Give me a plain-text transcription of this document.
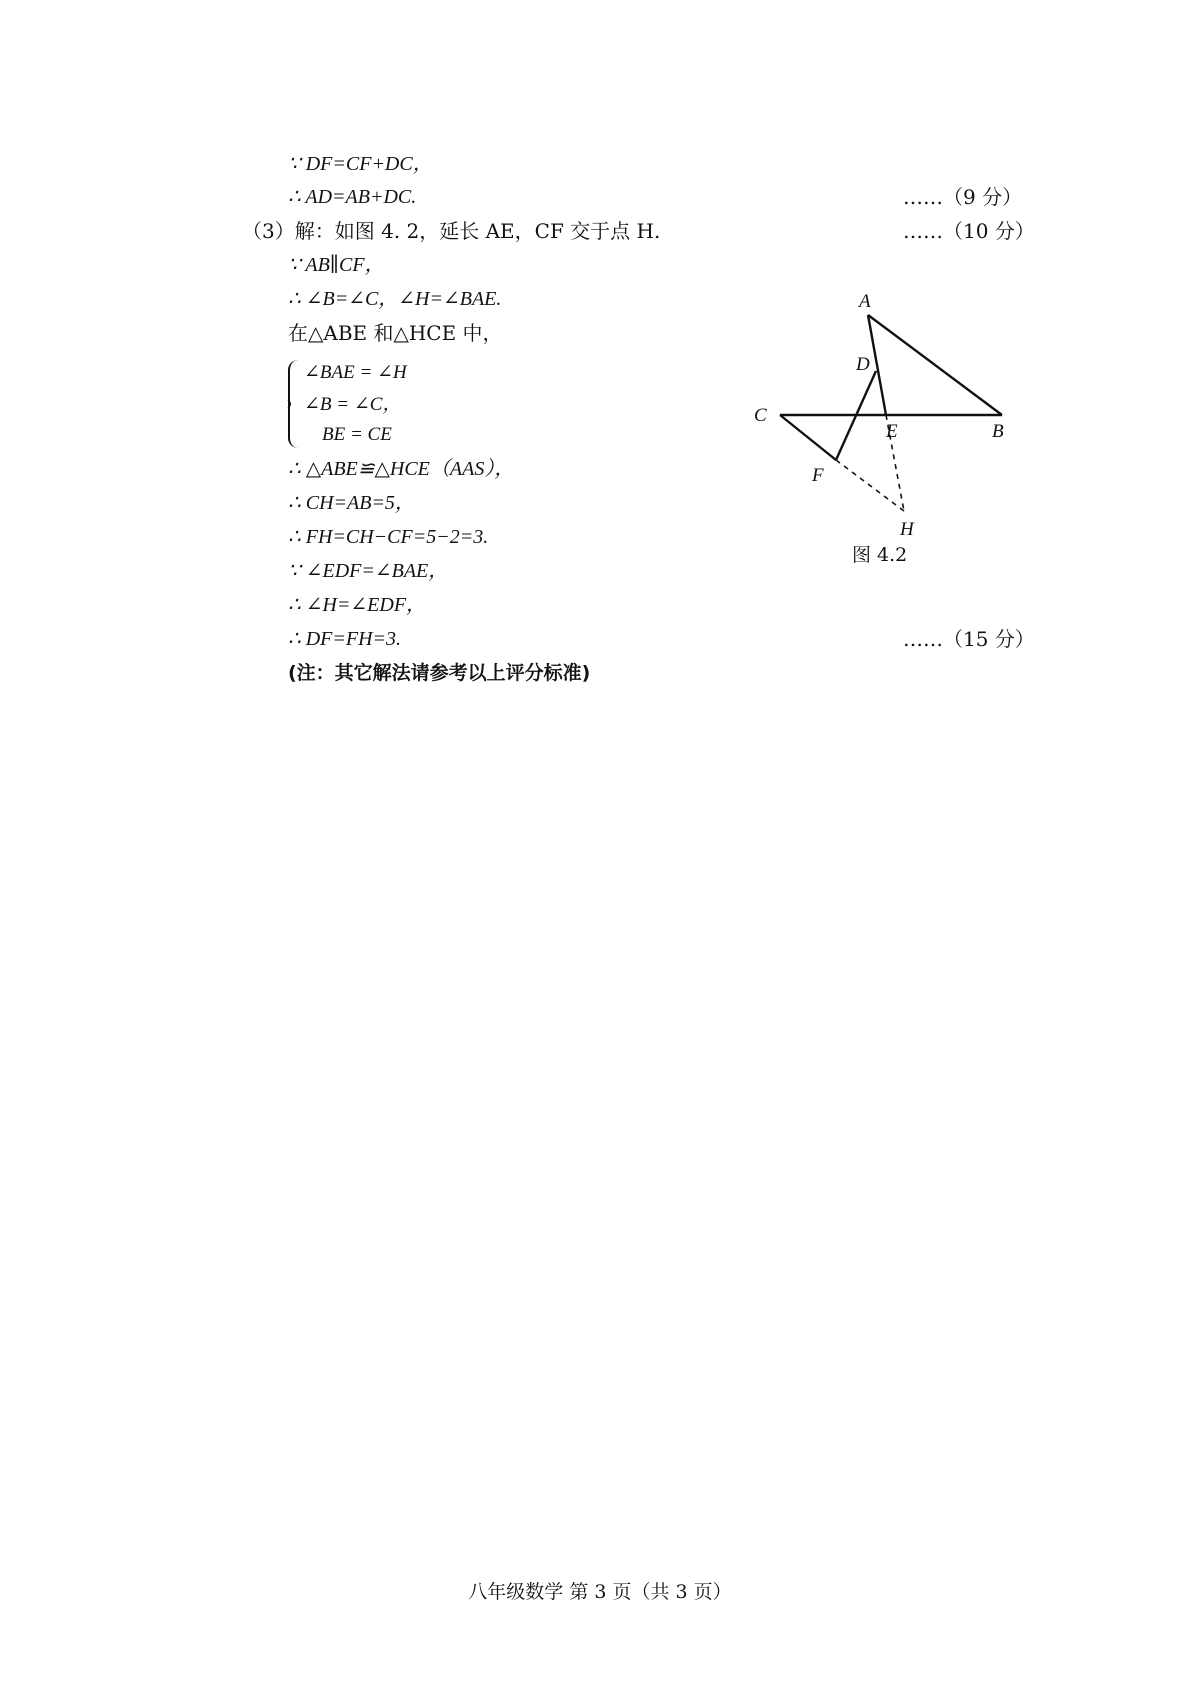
∵ DF=CF+DC，
∴ AD=AB+DC.	……（9 分）
（3）解：如图 4. 2，延长 AE，CF 交于点 H.	……（10 分）
∵ AB∥CF，
∴ ∠B=∠C，∠H=∠BAE.
在△ABE 和△HCE 中，
∠BAE = ∠H
∠B = ∠C，
BE = CE
∴ △ABE≌△HCE（AAS），
∴ CH=AB=5，
∴ FH=CH−CF=5−2=3.
∵ ∠EDF=∠BAE，
∴ ∠H=∠EDF，
∴ DF=FH=3.	……（15 分）
(注：其它解法请参考以上评分标准)
A
D
C
E	B
F
H
图 4.2
八年级数学 第 3 页（共 3 页）
